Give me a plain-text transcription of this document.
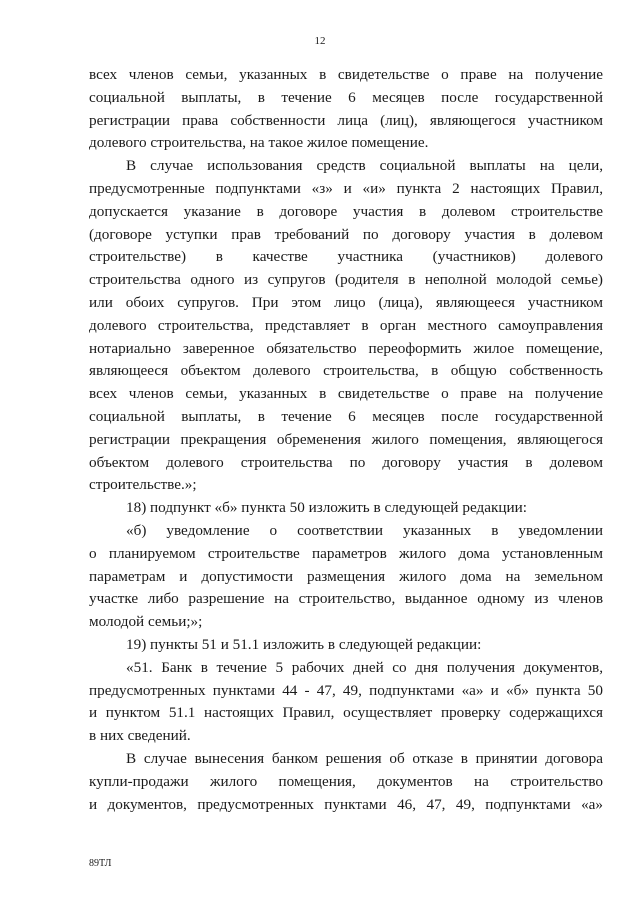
12
всех членов семьи, указанных в свидетельстве о праве на получение
социальной выплаты, в течение 6 месяцев после государственной
регистрации права собственности лица (лиц), являющегося участником
долевого строительства, на такое жилое помещение.
В случае использования средств социальной выплаты на цели,
предусмотренные подпунктами «з» и «и» пункта 2 настоящих Правил,
допускается указание в договоре участия в долевом строительстве
(договоре уступки прав требований по договору участия в долевом
строительстве) в качестве участника (участников) долевого
строительства одного из супругов (родителя в неполной молодой семье)
или обоих супругов. При этом лицо (лица), являющееся участником
долевого строительства, представляет в орган местного самоуправления
нотариально заверенное обязательство переоформить жилое помещение,
являющееся объектом долевого строительства, в общую собственность
всех членов семьи, указанных в свидетельстве о праве на получение
социальной выплаты, в течение 6 месяцев после государственной
регистрации прекращения обременения жилого помещения, являющегося
объектом долевого строительства по договору участия в долевом
строительстве.»;
18) подпункт «б» пункта 50 изложить в следующей редакции:
«б) уведомление о соответствии указанных в уведомлении
о планируемом строительстве параметров жилого дома установленным
параметрам и допустимости размещения жилого дома на земельном
участке либо разрешение на строительство, выданное одному из членов
молодой семьи;»;
19) пункты 51 и 51.1 изложить в следующей редакции:
«51. Банк в течение 5 рабочих дней со дня получения документов,
предусмотренных пунктами 44 - 47, 49, подпунктами «а» и «б» пункта 50
и пунктом 51.1 настоящих Правил, осуществляет проверку содержащихся
в них сведений.
В случае вынесения банком решения об отказе в принятии договора
купли-продажи жилого помещения, документов на строительство
и документов, предусмотренных пунктами 46, 47, 49, подпунктами «а»
89ТЛ
